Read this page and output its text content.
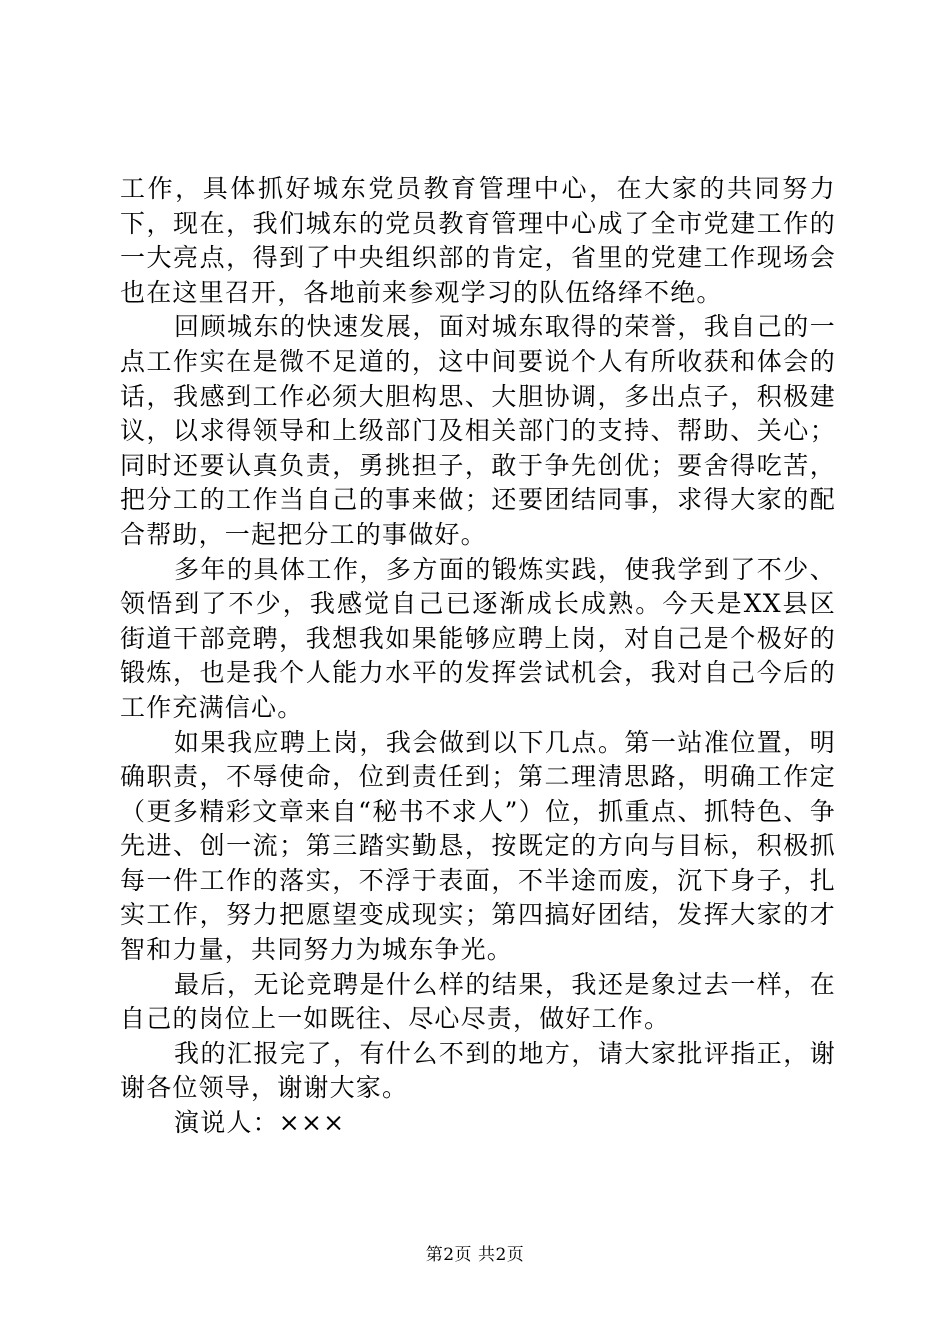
工作，具体抓好城东党员教育管理中心，在大家的共同努力下，现在，我们城东的党员教育管理中心成了全市党建工作的一大亮点，得到了中央组织部的肯定，省里的党建工作现场会也在这里召开，各地前来参观学习的队伍络绎不绝。

回顾城东的快速发展，面对城东取得的荣誉，我自己的一点工作实在是微不足道的，这中间要说个人有所收获和体会的话，我感到工作必须大胆构思、大胆协调，多出点子，积极建议，以求得领导和上级部门及相关部门的支持、帮助、关心；同时还要认真负责，勇挑担子，敢于争先创优；要舍得吃苦，把分工的工作当自己的事来做；还要团结同事，求得大家的配合帮助，一起把分工的事做好。

多年的具体工作，多方面的锻炼实践，使我学到了不少、领悟到了不少，我感觉自己已逐渐成长成熟。今天是XX县区街道干部竞聘，我想我如果能够应聘上岗，对自己是个极好的锻炼，也是我个人能力水平的发挥尝试机会，我对自己今后的工作充满信心。

如果我应聘上岗，我会做到以下几点。第一站准位置，明确职责，不辱使命，位到责任到；第二理清思路，明确工作定（更多精彩文章来自“秘书不求人”）位，抓重点、抓特色、争先进、创一流；第三踏实勤恳，按既定的方向与目标，积极抓每一件工作的落实，不浮于表面，不半途而废，沉下身子，扎实工作，努力把愿望变成现实；第四搞好团结，发挥大家的才智和力量，共同努力为城东争光。

最后，无论竞聘是什么样的结果，我还是象过去一样，在自己的岗位上一如既往、尽心尽责，做好工作。

我的汇报完了，有什么不到的地方，请大家批评指正，谢谢各位领导，谢谢大家。

演说人：×××

第2页 共2页
